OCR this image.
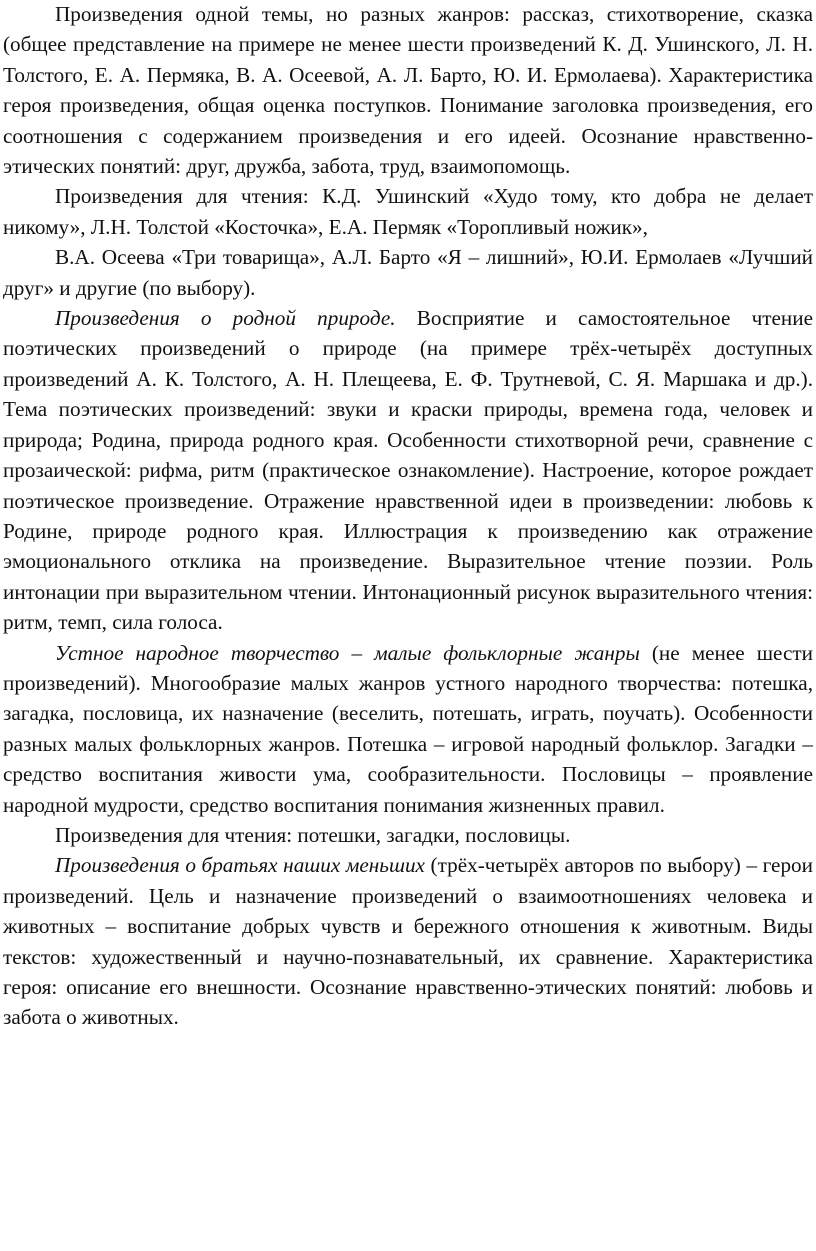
Произведения одной темы, но разных жанров: рассказ, стихотворение, сказка (общее представление на примере не менее шести произведений К. Д. Ушинского, Л. Н. Толстого, Е. А. Пермяка, В. А. Осеевой, А. Л. Барто, Ю. И. Ермолаева). Характеристика героя произведения, общая оценка поступков. Понимание заголовка произведения, его соотношения с содержанием произведения и его идеей. Осознание нравственно-этических понятий: друг, дружба, забота, труд, взаимопомощь.

Произведения для чтения: К.Д. Ушинский «Худо тому, кто добра не делает никому», Л.Н. Толстой «Косточка», Е.А. Пермяк «Торопливый ножик»,

В.А. Осеева «Три товарища», А.Л. Барто «Я – лишний», Ю.И. Ермолаев «Лучший друг» и другие (по выбору).

Произведения о родной природе. Восприятие и самостоятельное чтение поэтических произведений о природе (на примере трёх-четырёх доступных произведений А. К. Толстого, А. Н. Плещеева, Е. Ф. Трутневой, С. Я. Маршака и др.). Тема поэтических произведений: звуки и краски природы, времена года, человек и природа; Родина, природа родного края. Особенности стихотворной речи, сравнение с прозаической: рифма, ритм (практическое ознакомление). Настроение, которое рождает поэтическое произведение. Отражение нравственной идеи в произведении: любовь к Родине, природе родного края. Иллюстрация к произведению как отражение эмоционального отклика на произведение. Выразительное чтение поэзии. Роль интонации при выразительном чтении. Интонационный рисунок выразительного чтения: ритм, темп, сила голоса.

Устное народное творчество – малые фольклорные жанры (не менее шести произведений). Многообразие малых жанров устного народного творчества: потешка, загадка, пословица, их назначение (веселить, потешать, играть, поучать). Особенности разных малых фольклорных жанров. Потешка – игровой народный фольклор. Загадки – средство воспитания живости ума, сообразительности. Пословицы – проявление народной мудрости, средство воспитания понимания жизненных правил.

Произведения для чтения: потешки, загадки, пословицы.

Произведения о братьях наших меньших (трёх-четырёх авторов по выбору) – герои произведений. Цель и назначение произведений о взаимоотношениях человека и животных – воспитание добрых чувств и бережного отношения к животным. Виды текстов: художественный и научно-познавательный, их сравнение. Характеристика героя: описание его внешности. Осознание нравственно-этических понятий: любовь и забота о животных.
